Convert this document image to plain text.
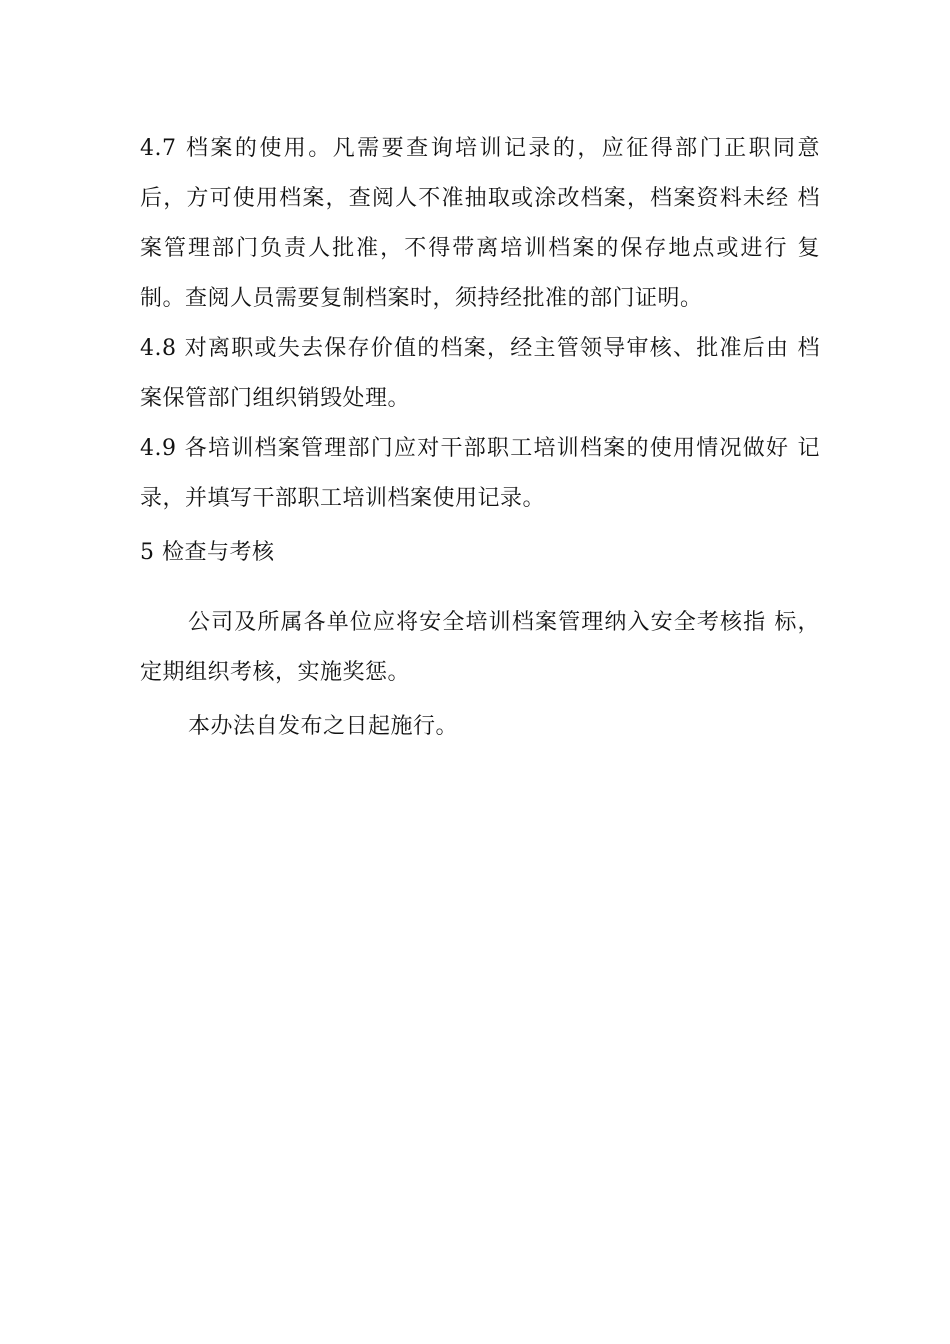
4.7 档案的使用。凡需要查询培训记录的，应征得部门正职同意 后，方可使用档案，查阅人不准抽取或涂改档案，档案资料未经 档案管理部门负责人批准，不得带离培训档案的保存地点或进行 复制。查阅人员需要复制档案时，须持经批准的部门证明。
4.8 对离职或失去保存价值的档案，经主管领导审核、批准后由 档案保管部门组织销毁处理。
4.9 各培训档案管理部门应对干部职工培训档案的使用情况做好 记录，并填写干部职工培训档案使用记录。
5 检查与考核
公司及所属各单位应将安全培训档案管理纳入安全考核指 标，定期组织考核，实施奖惩。
本办法自发布之日起施行。
